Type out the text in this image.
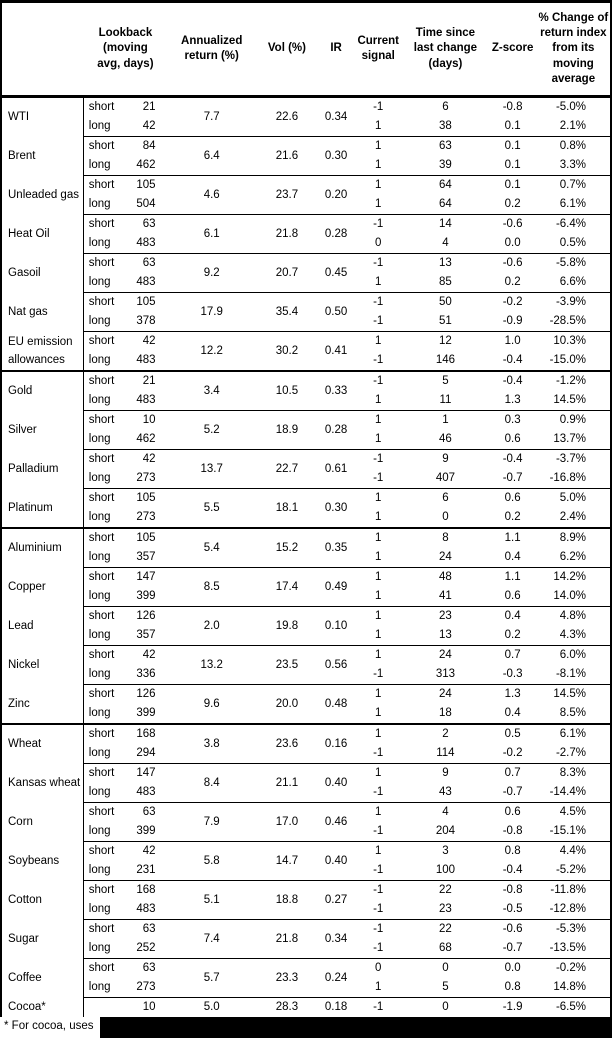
	Lookback (moving avg, days)		Annualized return (%)	Vol (%)	IR	Current signal	Time since last change (days)	Z-score	% Change of return index from its moving average
WTI	short	21	7.7	22.6	0.34	-1	6	-0.8	-5.0%
	long	42				1	38	0.1	2.1%
Brent	short	84	6.4	21.6	0.30	1	63	0.1	0.8%
	long	462				1	39	0.1	3.3%
Unleaded gas	short	105	4.6	23.7	0.20	1	64	0.1	0.7%
	long	504				1	64	0.2	6.1%
Heat Oil	short	63	6.1	21.8	0.28	-1	14	-0.6	-6.4%
	long	483				0	4	0.0	0.5%
Gasoil	short	63	9.2	20.7	0.45	-1	13	-0.6	-5.8%
	long	483				1	85	0.2	6.6%
Nat gas	short	105	17.9	35.4	0.50	-1	50	-0.2	-3.9%
	long	378				-1	51	-0.9	-28.5%
EU emission allowances	short	42	12.2	30.2	0.41	1	12	1.0	10.3%
	long	483				-1	146	-0.4	-15.0%
Gold	short	21	3.4	10.5	0.33	-1	5	-0.4	-1.2%
	long	483				1	11	1.3	14.5%
Silver	short	10	5.2	18.9	0.28	1	1	0.3	0.9%
	long	462				1	46	0.6	13.7%
Palladium	short	42	13.7	22.7	0.61	-1	9	-0.4	-3.7%
	long	273				-1	407	-0.7	-16.8%
Platinum	short	105	5.5	18.1	0.30	1	6	0.6	5.0%
	long	273				1	0	0.2	2.4%
Aluminium	short	105	5.4	15.2	0.35	1	8	1.1	8.9%
	long	357				1	24	0.4	6.2%
Copper	short	147	8.5	17.4	0.49	1	48	1.1	14.2%
	long	399				1	41	0.6	14.0%
Lead	short	126	2.0	19.8	0.10	1	23	0.4	4.8%
	long	357				1	13	0.2	4.3%
Nickel	short	42	13.2	23.5	0.56	1	24	0.7	6.0%
	long	336				-1	313	-0.3	-8.1%
Zinc	short	126	9.6	20.0	0.48	1	24	1.3	14.5%
	long	399				1	18	0.4	8.5%
Wheat	short	168	3.8	23.6	0.16	1	2	0.5	6.1%
	long	294				-1	114	-0.2	-2.7%
Kansas wheat	short	147	8.4	21.1	0.40	1	9	0.7	8.3%
	long	483				-1	43	-0.7	-14.4%
Corn	short	63	7.9	17.0	0.46	1	4	0.6	4.5%
	long	399				-1	204	-0.8	-15.1%
Soybeans	short	42	5.8	14.7	0.40	1	3	0.8	4.4%
	long	231				-1	100	-0.4	-5.2%
Cotton	short	168	5.1	18.8	0.27	-1	22	-0.8	-11.8%
	long	483				-1	23	-0.5	-12.8%
Sugar	short	63	7.4	21.8	0.34	-1	22	-0.6	-5.3%
	long	252				-1	68	-0.7	-13.5%
Coffee	short	63	5.7	23.3	0.24	0	0	0.0	-0.2%
	long	273				1	5	0.8	14.8%
Cocoa*		10	5.0	28.3	0.18	-1	0	-1.9	-6.5%
* For cocoa, uses
